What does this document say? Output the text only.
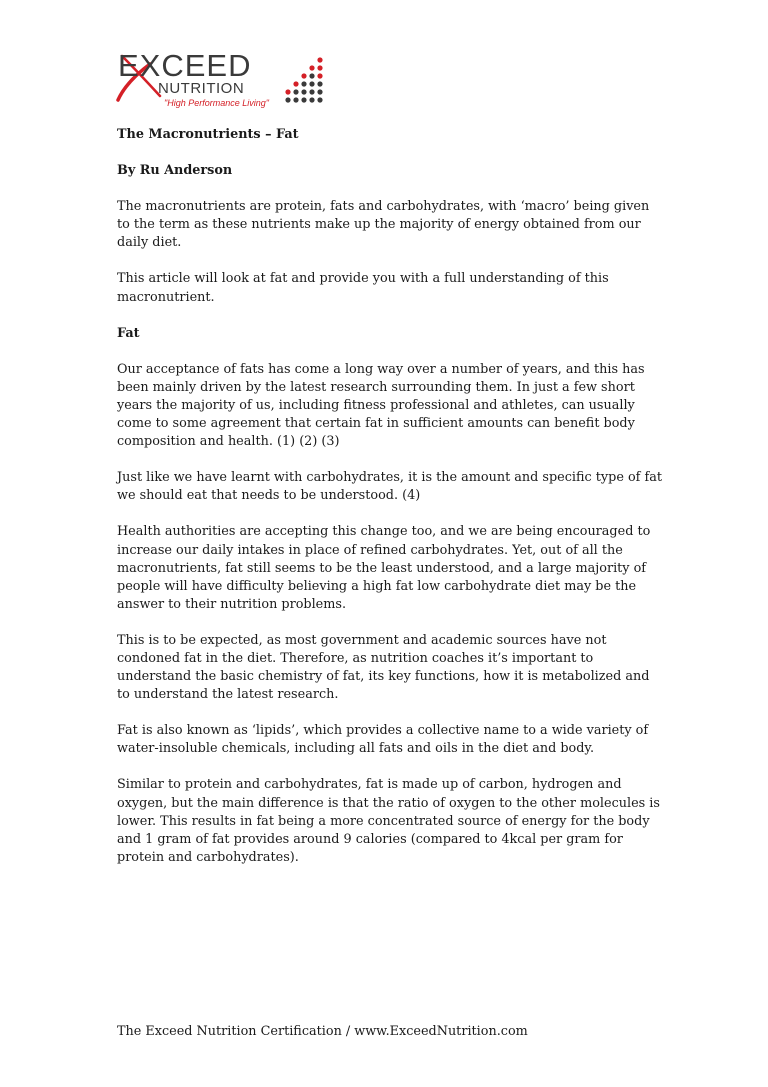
EXCEED
NUTRITION
"High Performance Living"

The Macronutrients – Fat

By Ru Anderson

The macronutrients are protein, fats and carbohydrates, with ‘macro’ being given to the term as these nutrients make up the majority of energy obtained from our daily diet.

This article will look at fat and provide you with a full understanding of this macronutrient.

Fat

Our acceptance of fats has come a long way over a number of years, and this has been mainly driven by the latest research surrounding them. In just a few short years the majority of us, including fitness professional and athletes, can usually come to some agreement that certain fat in sufficient amounts can benefit body composition and health. (1) (2) (3)

Just like we have learnt with carbohydrates, it is the amount and specific type of fat we should eat that needs to be understood. (4)

Health authorities are accepting this change too, and we are being encouraged to increase our daily intakes in place of refined carbohydrates. Yet, out of all the macronutrients, fat still seems to be the least understood, and a large majority of people will have difficulty believing a high fat low carbohydrate diet may be the answer to their nutrition problems.

This is to be expected, as most government and academic sources have not condoned fat in the diet. Therefore, as nutrition coaches it’s important to understand the basic chemistry of fat, its key functions, how it is metabolized and to understand the latest research.

Fat is also known as ‘lipids’, which provides a collective name to a wide variety of water-insoluble chemicals, including all fats and oils in the diet and body.

Similar to protein and carbohydrates, fat is made up of carbon, hydrogen and oxygen, but the main difference is that the ratio of oxygen to the other molecules is lower. This results in fat being a more concentrated source of energy for the body and 1 gram of fat provides around 9 calories (compared to 4kcal per gram for protein and carbohydrates).

The Exceed Nutrition Certification / www.ExceedNutrition.com
